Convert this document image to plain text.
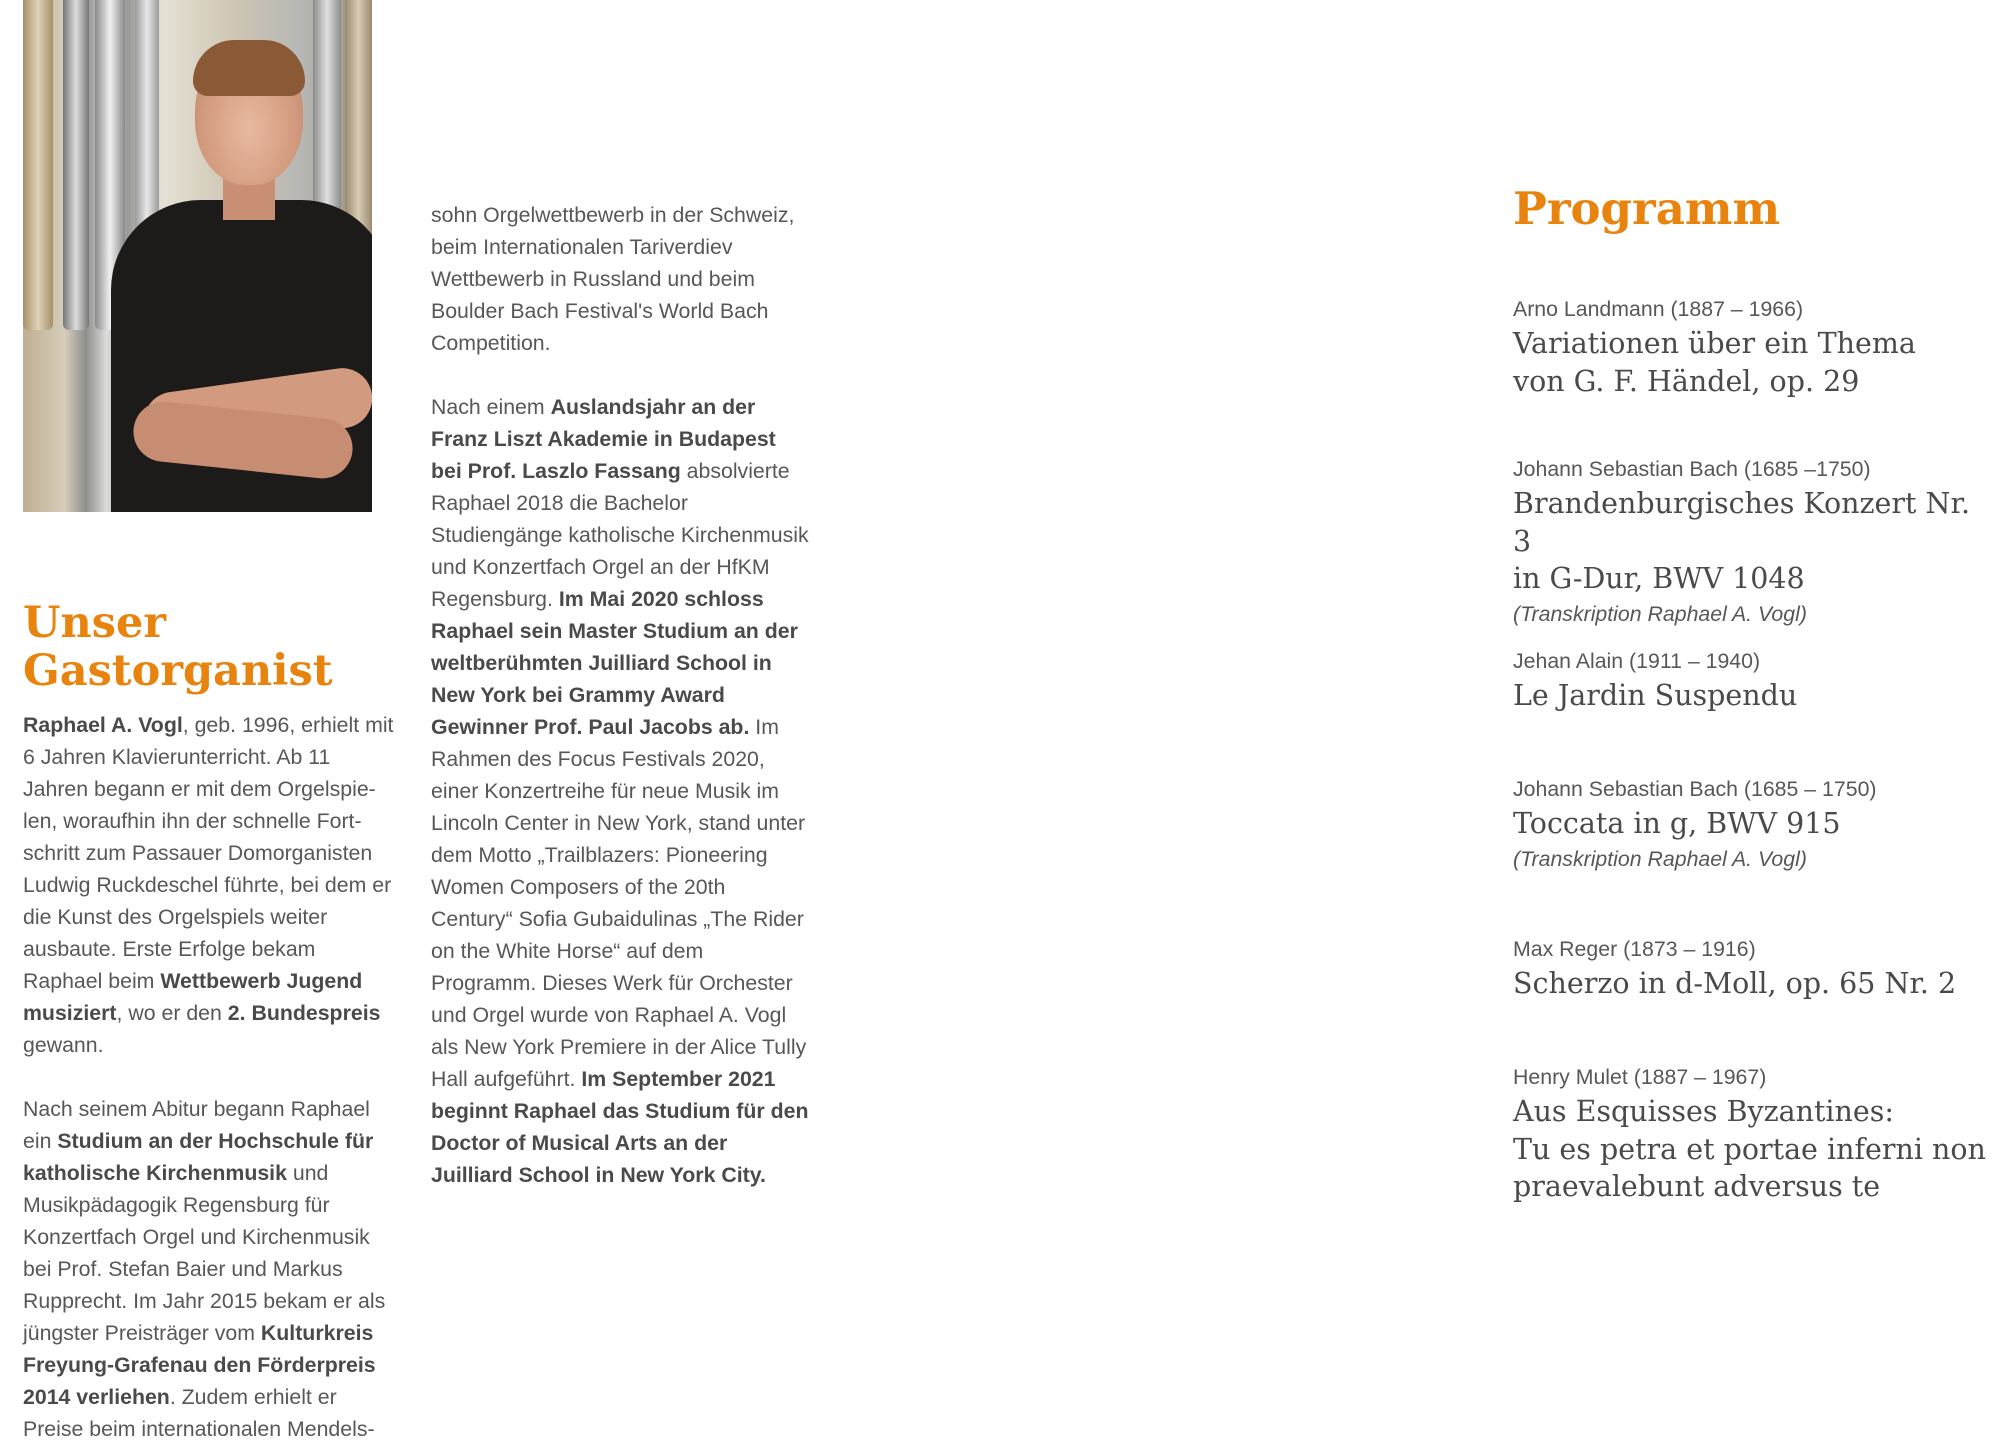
Unser
Gastorganist

Raphael A. Vogl, geb. 1996, erhielt mit 6 Jahren Klavierunterricht. Ab 11 Jahren begann er mit dem Orgelspielen, woraufhin ihn der schnelle Fortschritt zum Passauer Domorganisten Ludwig Ruckdeschel führte, bei dem er die Kunst des Orgelspiels weiter ausbaute. Erste Erfolge bekam Raphael beim Wettbewerb Jugend musiziert, wo er den 2. Bundespreis gewann.

Nach seinem Abitur begann Raphael ein Studium an der Hochschule für katholische Kirchenmusik und Musikpädagogik Regensburg für Konzertfach Orgel und Kirchenmusik bei Prof. Stefan Baier und Markus Rupprecht. Im Jahr 2015 bekam er als jüngster Preisträger vom Kulturkreis Freyung-Grafenau den Förderpreis 2014 verliehen. Zudem erhielt er Preise beim internationalen Mendels-

sohn Orgelwettbewerb in der Schweiz, beim Internationalen Tariverdiev Wettbewerb in Russland und beim Boulder Bach Festival's World Bach Competition.

Nach einem Auslandsjahr an der Franz Liszt Akademie in Budapest bei Prof. Laszlo Fassang absolvierte Raphael 2018 die Bachelor Studiengänge katholische Kirchenmusik und Konzertfach Orgel an der HfKM Regensburg. Im Mai 2020 schloss Raphael sein Master Studium an der weltberühmten Juilliard School in New York bei Grammy Award Gewinner Prof. Paul Jacobs ab. Im Rahmen des Focus Festivals 2020, einer Konzertreihe für neue Musik im Lincoln Center in New York, stand unter dem Motto „Trailblazers: Pioneering Women Composers of the 20th Century“ Sofia Gubaidulinas „The Rider on the White Horse“ auf dem Programm. Dieses Werk für Orchester und Orgel wurde von Raphael A. Vogl als New York Premiere in der Alice Tully Hall aufgeführt. Im September 2021 beginnt Raphael das Studium für den Doctor of Musical Arts an der Juilliard School in New York City.

Programm
Arno Landmann (1887 – 1966)
Variationen über ein Thema
von G. F. Händel, op. 29
Johann Sebastian Bach (1685 –1750)
Brandenburgisches Konzert Nr. 3
in G-Dur, BWV 1048
(Transkription Raphael A. Vogl)
Jehan Alain (1911 – 1940)
Le Jardin Suspendu
Johann Sebastian Bach (1685 – 1750)
Toccata in g, BWV 915
(Transkription Raphael A. Vogl)
Max Reger (1873 – 1916)
Scherzo in d-Moll, op. 65 Nr. 2
Henry Mulet (1887 – 1967)
Aus Esquisses Byzantines:
Tu es petra et portae inferni non
praevalebunt adversus te
